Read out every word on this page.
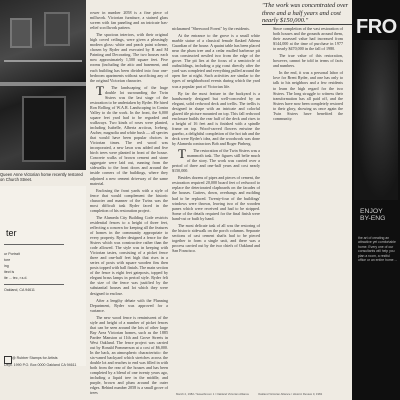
Queen Anne Victorian home recently restored on Church Street.
ter
ur Portrait
tore
ing
itect is
ite ... tec, r.s.d.
Oakland, CA 94611
@ Rubber Stamps for Artists
Dept. 1990 P.O. Box 0000 Oakland CA 94611

rower in number 2058 is a fine piece of millwork. Victorian furniture, a stained glass screen with fan paneling and an intricate bas-relief scrollwork pattern.

The spacious interiors, with their original high coved ceilings, were given a pleasingly modern gloss: white and peach paint scheme, chosen by Ryder and executed by R and M Painting and Decorating. The two houses each now approximately 1,500 square feet. Five rooms (including the attic and basement, and each building has been divided into four one-bedroom apartments without sacrificing any of the original Victorian character.

T The landscaping of the huge double lot surrounding the Twin Sisters was the last stage of the restoration to be undertaken by Ryder. He hired Ron Rolling of W.A.R. Landscaping in Contra Valley to do the work. In the front, the 6,000 square feet yard had to be regraded and walkways. Two kinds of roses were planted, including Isabelle, Alberta arcticus, Iceberg, Ascher, magnolia and white bush — all species that would have been popular choices in Victorian times. The red wood was incorporated, a new lawn was added and five birch trees were planted in front of the house. Concrete walks of brown cement and stone aggregate were laid out, running from the sidewalks to the front doors and around the inside corners of the buildings, where they adjoined a new cement driveway of the same material.

Enclosing the front yards with a style of fence that would complement the historic character and manner of the Twins was the most difficult task Ryder faced in the completion of his restoration project.

The Alameda City Building Code restricts residential fences to a height of three feet, reflecting a concern for keeping all the features of homes in the community appropriate to every property. Ryder designed a fence for the Sisters which was constructive rather than the code allowed. The style was in keeping with Victorian tastes, consisting of a picket fence three and one-half feet high that rises in a series of posts with square wooden fins then posts topped with ball finials. The main section of the fence is eight feet gateposts, topped by elegant brass lamps in period style. Ryder felt the size of the fence was justified by the substantial houses and lot which they were designed to enclose.

After a lengthy debate with the Planning Department, Ryder was approved for a variance.

The new wood fence is reminiscent of the style and height of a number of picket fences that can be seen around the lots of other large Bay Area Victorian homes, such as the 1885 Pardee Mansion at 11th and Grove Streets in West Oakland. The fence project was carried out by Ronald Pommerson at a cost of $6,000. In the back, an atmospheric characteristic: the six-vaned backyard which stretches across the double lot and reaches to end was filled in with both from the rear of the houses and has been completed by a blend of one twenty years ago, including a liquid tree in the middle, and purple, brown and plum around the outer edges. Behind number 2058 is a small grove of trees

"The work was concentrated over three and a half years and cost nearly $150,000."

nicknamed "Sherwood Forest" by the residents.

At the entrance to the grove is a small white marble statue of a classical female flasked Athena Guardian of the house. A quaint table has been placed near the plum tree and a cedar mulled barbecue pit was constructed nestled two from the edge of the grove. The pit lies at the focus of a semicircle of outbuildings, including a pig roast directly after the yard was completed and everything pulled around the open fire at night. Such activities are similar to the types of neighborhood events during which the yard was a popular part of Victorian life.

By far the most feature in the backyard is a handsomely designed but well-concealed by an elegant, solid redwood deck and trellis. The trellis is designed in shape with an intricate and colorful glazed tile picture mounted on top. This fall redwood enclosure builds the rear half of the deck and rises to a height of 16 feet and is finished with a spindle frame on top. Wood-carved flowers entwine the gazebo, a delightful completion of the hot tub and the deck were Ryder's idea, and the woodwork was done by Alameda contractors Bob and Roger Pinberg.

T The restoration of the Twin Sisters was a mammoth task. The figures still belie much of the story. The work was carried over a period of three and one-half years and cost nearly $150,000.

Besides dozens of pipes and pieces of cement, the restoration required 20,000 board feet of redwood to replace the deteriorated clapboards on the facades of the houses. Gutters, down, overhangs and molding had to be replaced. Twenty-four of the buildings' windows were thrown, leaving two of the wooden panes which were received and had to be stripped. Some of the details required for the final finish were hand-cut or built by hand.

The most delicate task of all was the restoring of the historic sidewalk on the porch columns. Separate sections of cast cement shafts had to be pieced together to form a single unit, and there was a process carried out by the two chiefs of Oakland and San Francisco.

Since completion of the vast restoration of both houses and the grounds around them, their assessed value had increased from $144,000 at the time of purchase in 1977 to nearly $470,000 in the fall of 1980.

The true value of this restoration, however, cannot be told in terms of facts and numbers.

In the end, it was a personal labor of love for Brent Ryder, and one has only to talk to his neighbors and a few residents to learn the high regard for the two Sisters. The long struggle to witness their transformation has all paid off, and the Sisters have now been completely restored to their glory, showing us once again the Twin Sisters have benefited the community.

FRO
ENJOY
BY-ENG
the art of creating an attractive yet comfortable home. Every one of our consultants will help you plan a room, a restful office or an entire home ...
March 2, 1982 / Sweetbroom 1 / Oakland Victorian Alliance	Oakland Victorian Alliance / Historic Review 0, 1982
